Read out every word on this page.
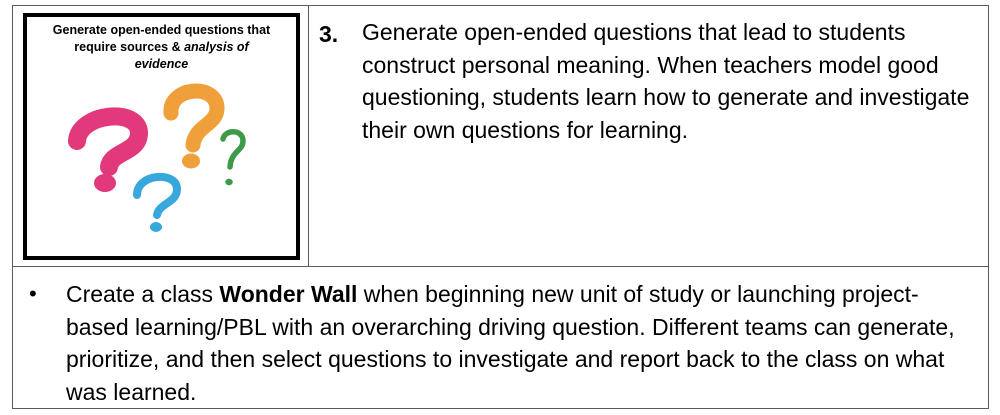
Generate open-ended questions that
require sources & analysis of
evidence
3. Generate open-ended questions that lead to students construct personal meaning. When teachers model good questioning, students learn how to generate and investigate their own questions for learning.
• Create a class Wonder Wall when beginning new unit of study or launching project-based learning/PBL with an overarching driving question. Different teams can generate, prioritize, and then select questions to investigate and report back to the class on what was learned.
